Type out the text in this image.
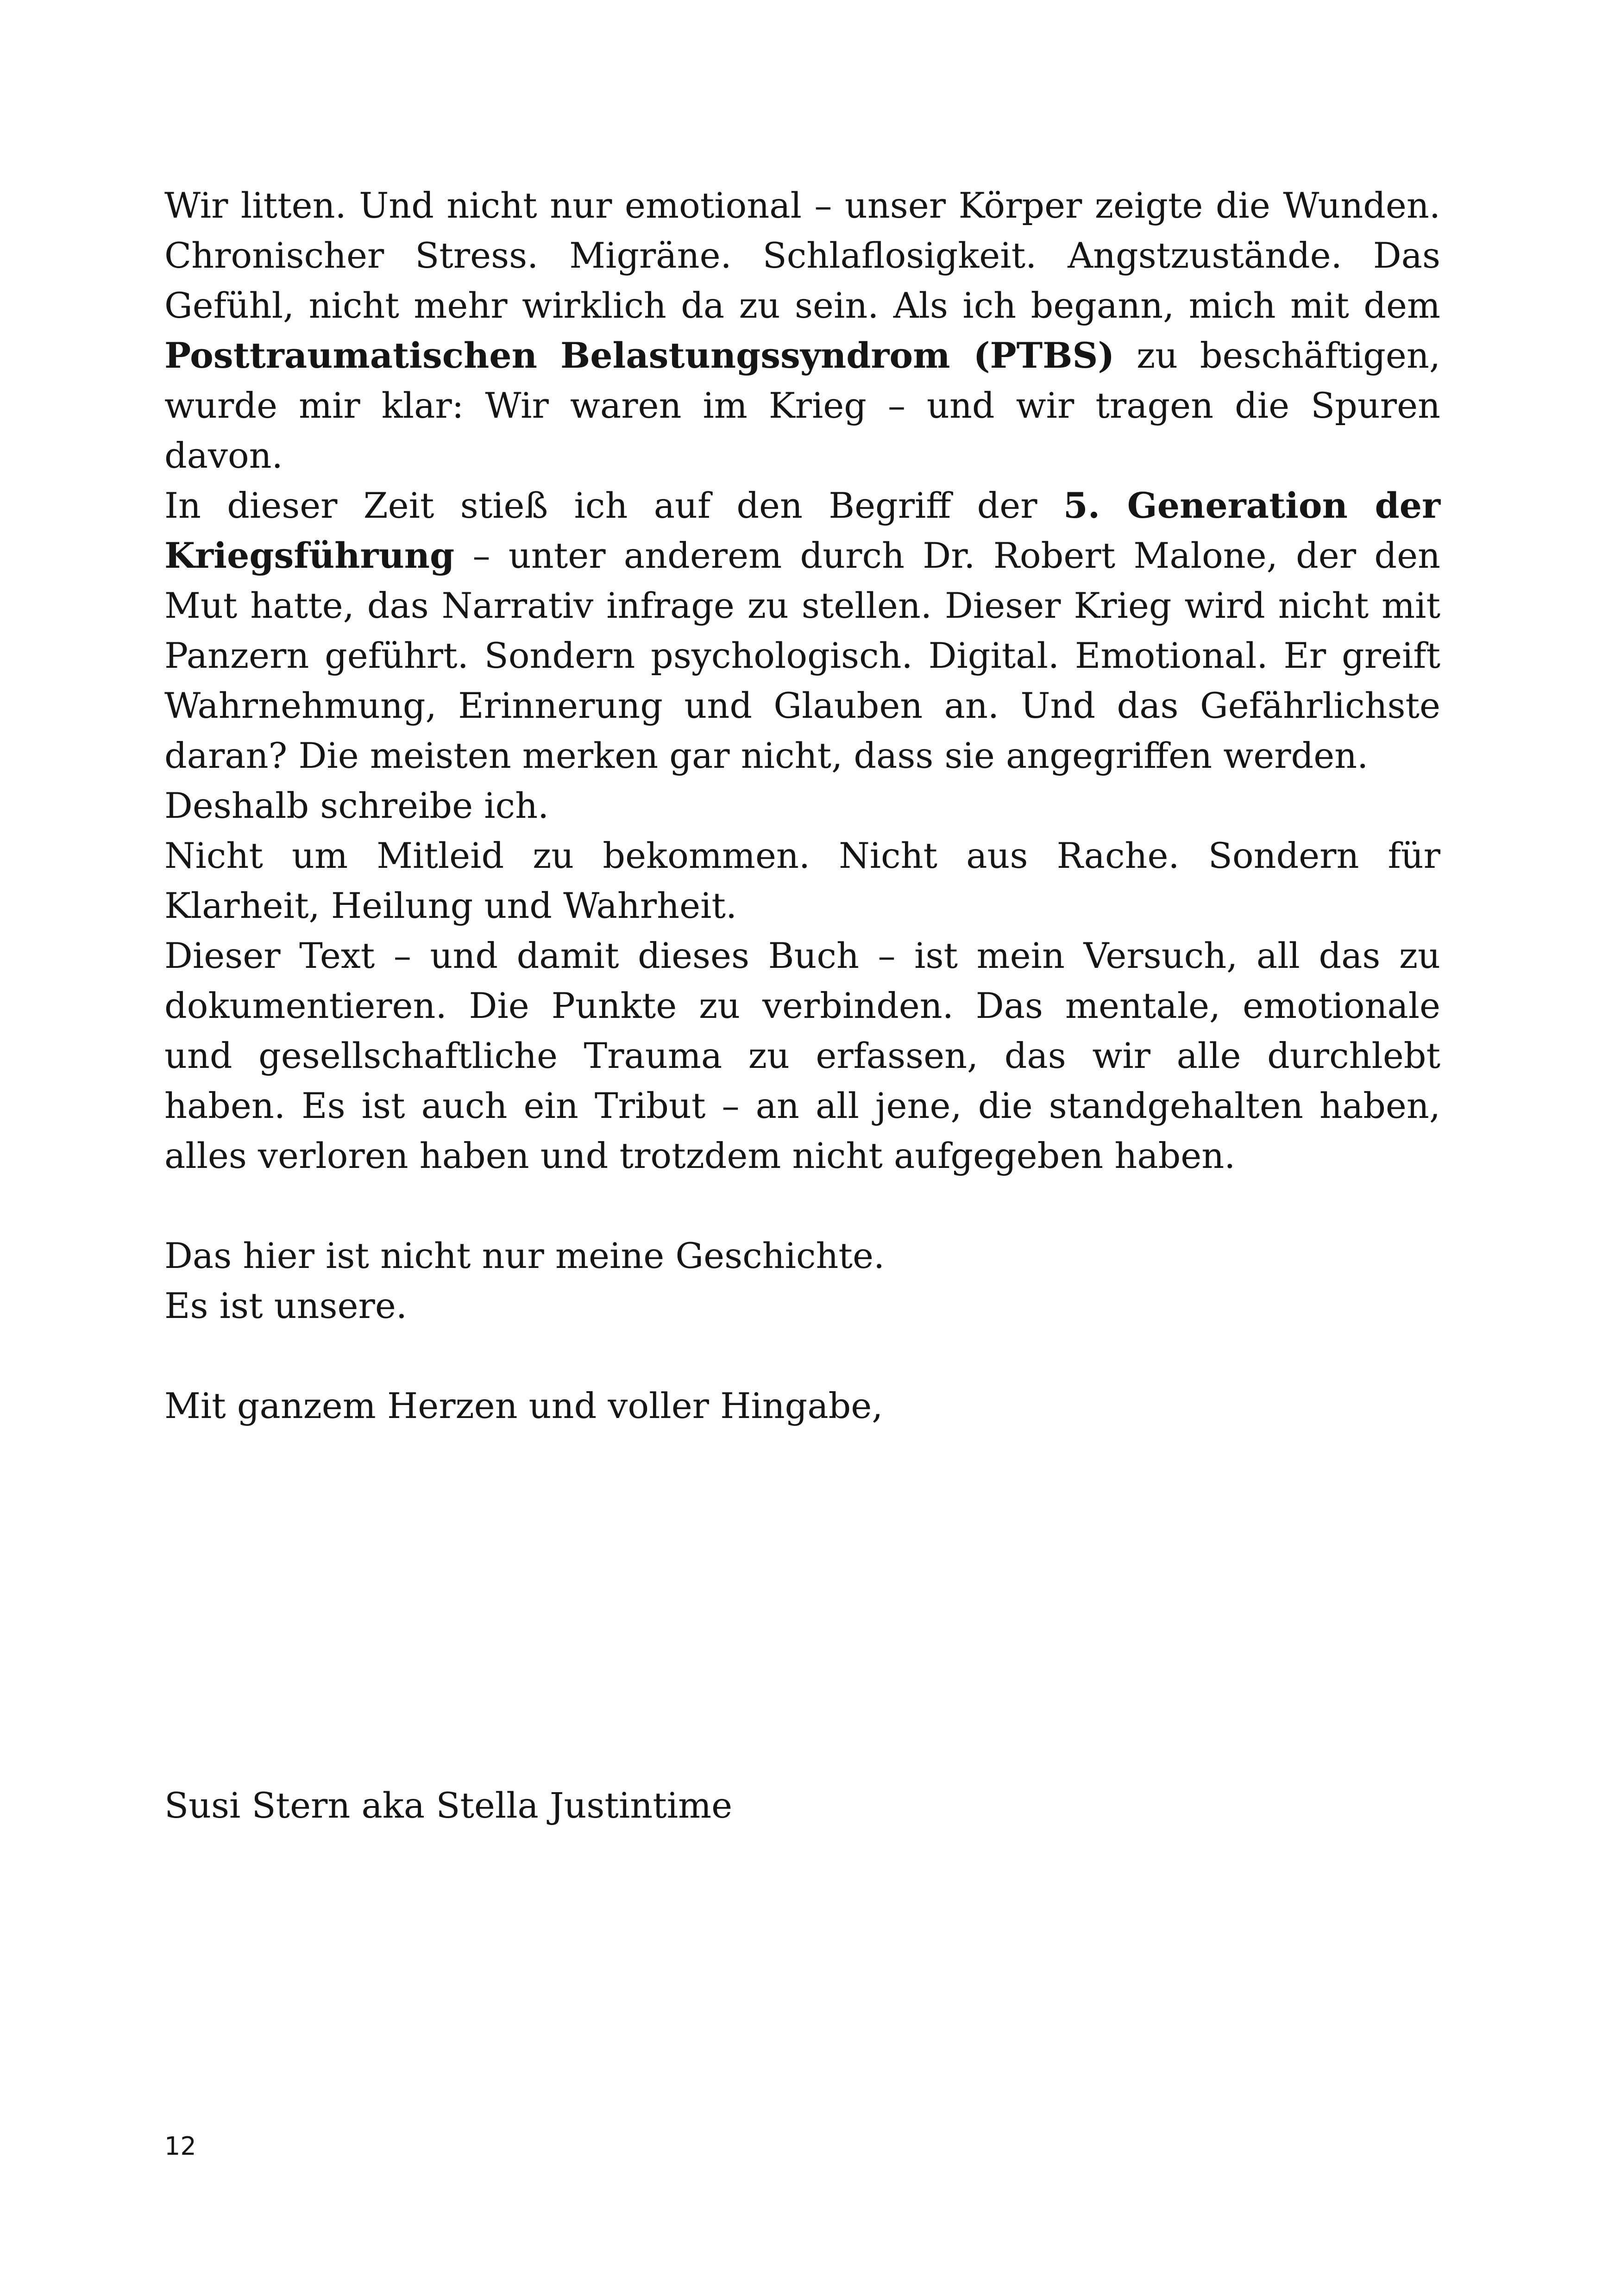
Wir litten. Und nicht nur emotional – unser Körper zeigte die Wunden. Chronischer Stress. Migräne. Schlaflosigkeit. Angstzustände. Das Gefühl, nicht mehr wirklich da zu sein. Als ich begann, mich mit dem Posttraumatischen Belastungssyndrom (PTBS) zu beschäftigen, wurde mir klar: Wir waren im Krieg – und wir tragen die Spuren davon.

In dieser Zeit stieß ich auf den Begriff der 5. Generation der Kriegsführung – unter anderem durch Dr. Robert Malone, der den Mut hatte, das Narrativ infrage zu stellen. Dieser Krieg wird nicht mit Panzern geführt. Sondern psychologisch. Digital. Emotional. Er greift Wahrnehmung, Erinnerung und Glauben an. Und das Gefährlichste daran? Die meisten merken gar nicht, dass sie angegriffen werden.

Deshalb schreibe ich.

Nicht um Mitleid zu bekommen. Nicht aus Rache. Sondern für Klarheit, Heilung und Wahrheit.

Dieser Text – und damit dieses Buch – ist mein Versuch, all das zu dokumentieren. Die Punkte zu verbinden. Das mentale, emotionale und gesellschaftliche Trauma zu erfassen, das wir alle durchlebt haben. Es ist auch ein Tribut – an all jene, die standgehalten haben, alles verloren haben und trotzdem nicht aufgegeben haben.

Das hier ist nicht nur meine Geschichte.

Es ist unsere.

Mit ganzem Herzen und voller Hingabe,

Susi Stern aka Stella Justintime

12
